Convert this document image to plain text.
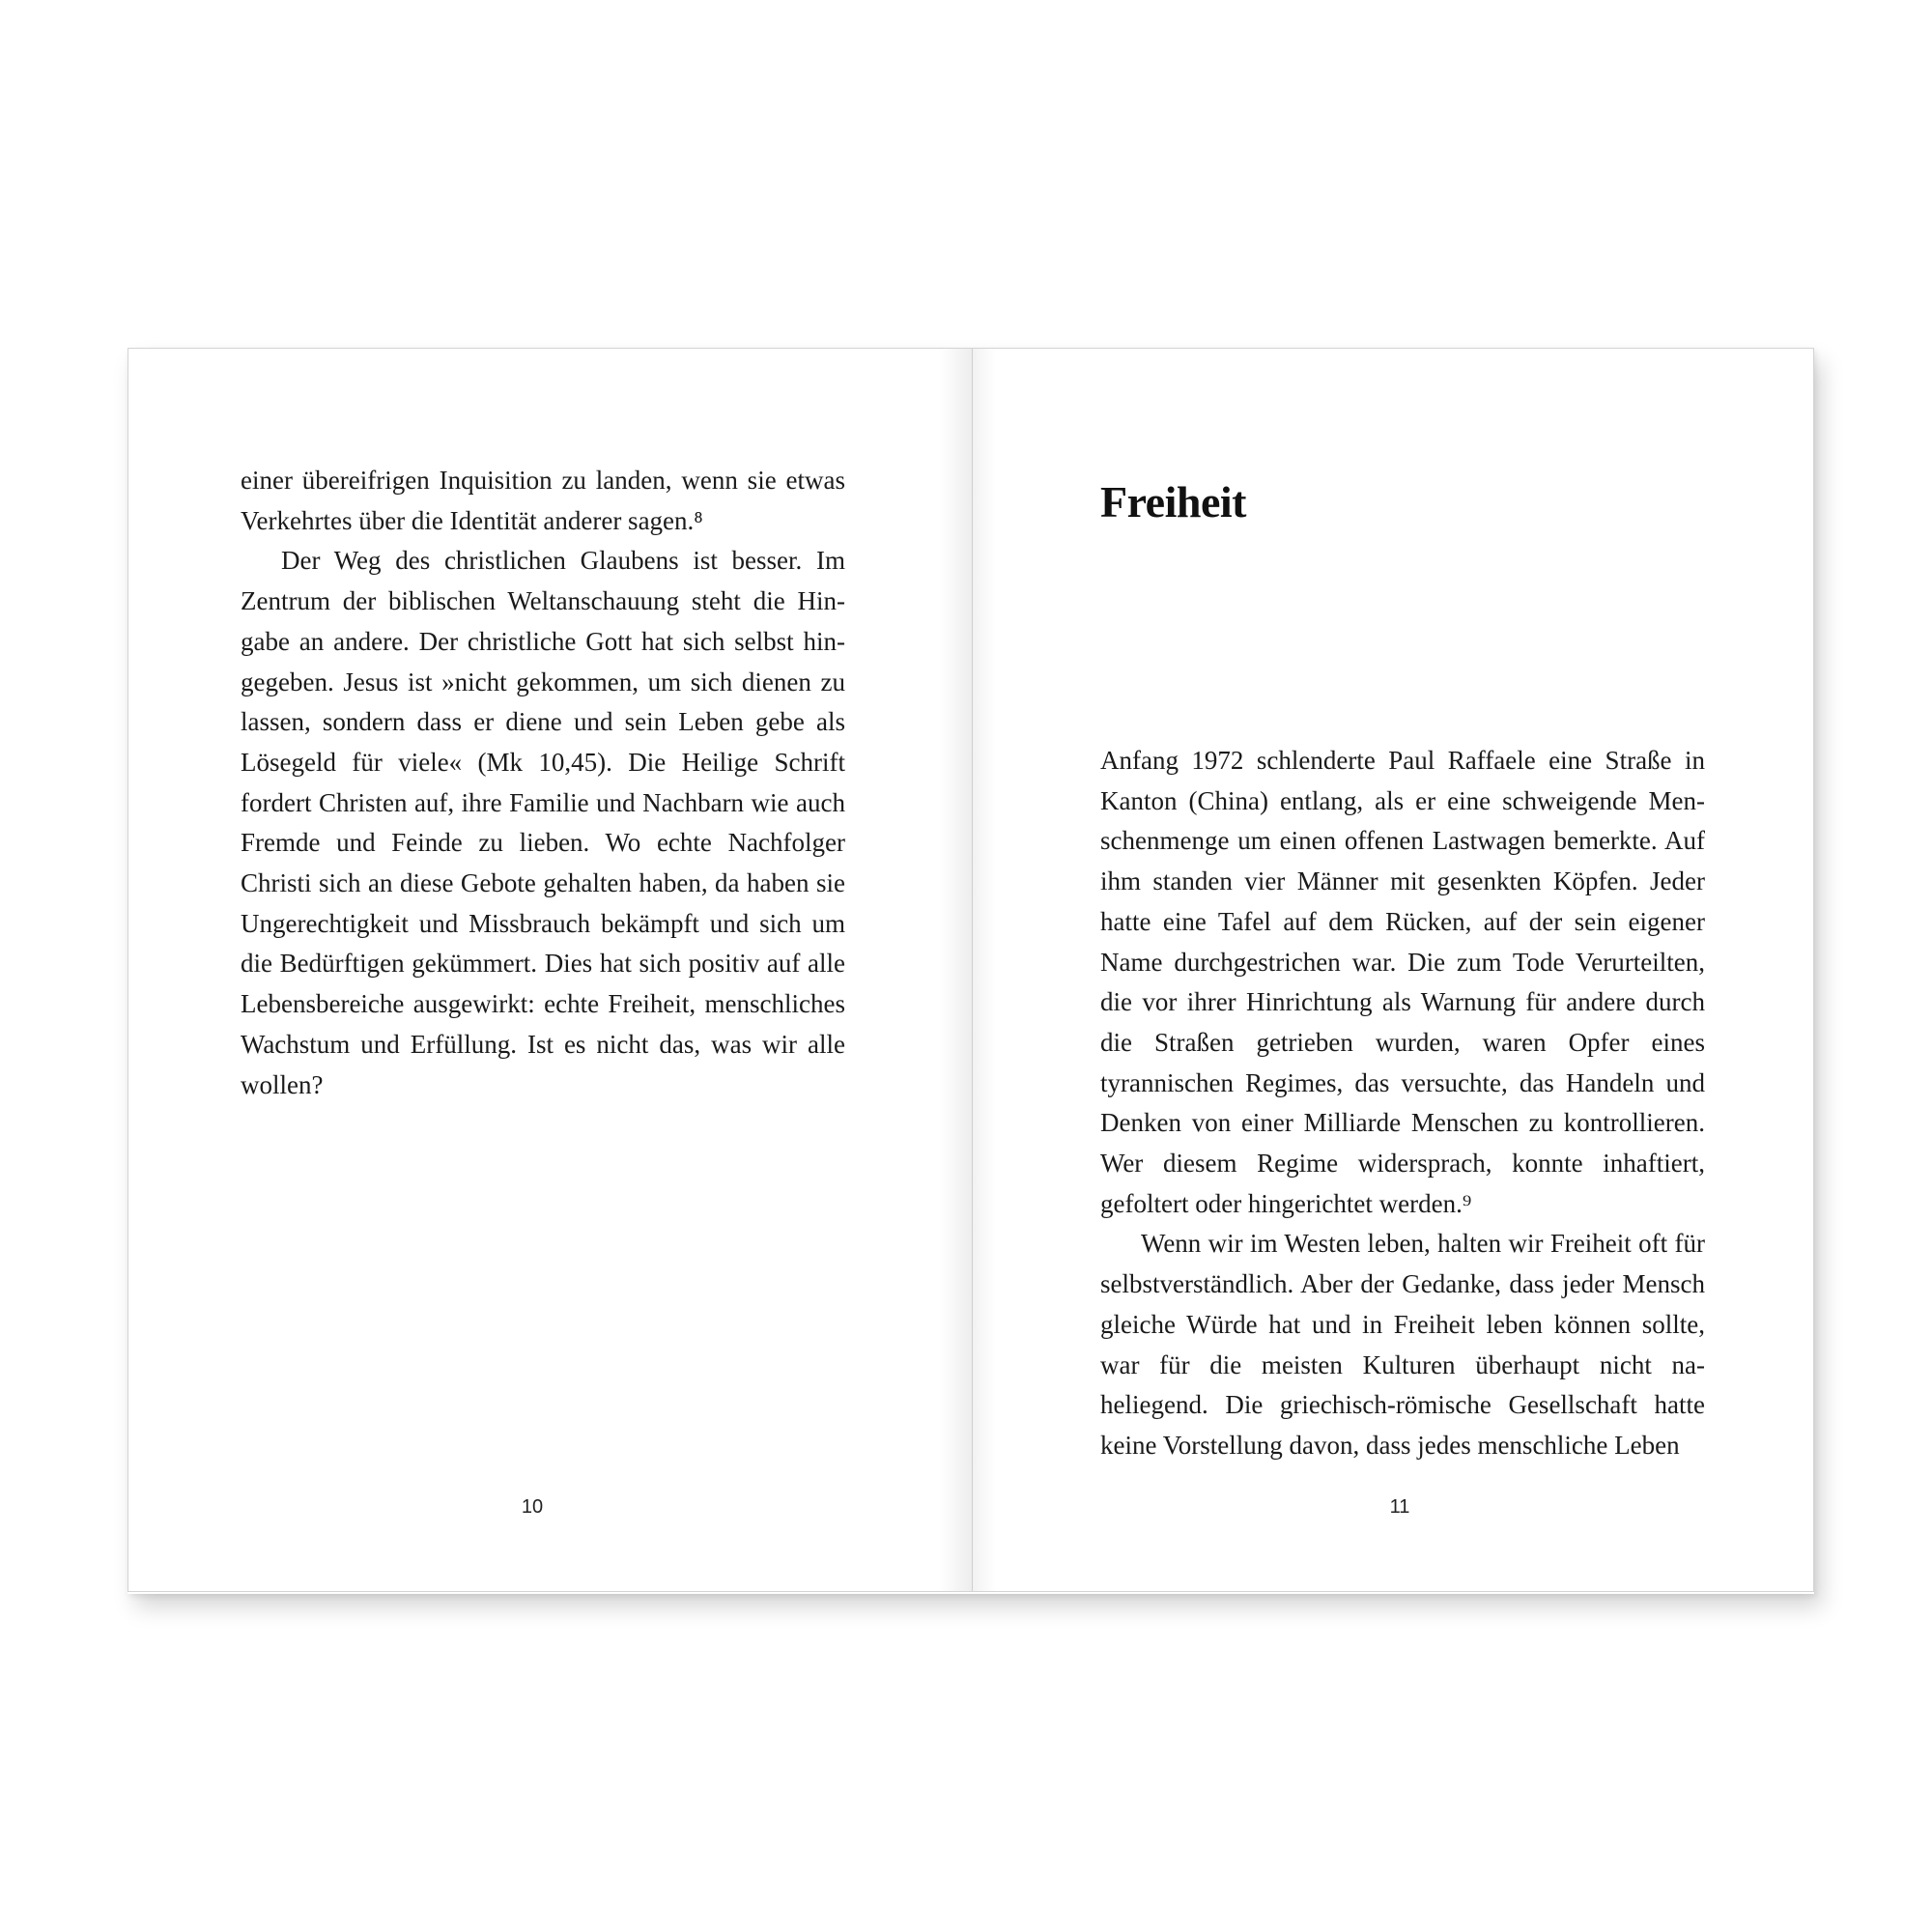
einer übereifrigen Inquisition zu landen, wenn sie etwas Verkehrtes über die Identität anderer sagen.⁸

Der Weg des christlichen Glaubens ist besser. Im Zentrum der biblischen Weltanschauung steht die Hingabe an andere. Der christliche Gott hat sich selbst hingegeben. Jesus ist »nicht gekommen, um sich dienen zu lassen, sondern dass er diene und sein Leben gebe als Lösegeld für viele« (Mk 10,45). Die Heilige Schrift fordert Christen auf, ihre Familie und Nachbarn wie auch Fremde und Feinde zu lieben. Wo echte Nachfolger Christi sich an diese Gebote gehalten haben, da haben sie Ungerechtigkeit und Missbrauch bekämpft und sich um die Bedürftigen gekümmert. Dies hat sich positiv auf alle Lebensbereiche ausgewirkt: echte Freiheit, menschliches Wachstum und Erfüllung. Ist es nicht das, was wir alle wollen?

10
Freiheit

Anfang 1972 schlenderte Paul Raffaele eine Straße in Kanton (China) entlang, als er eine schweigende Menschenmenge um einen offenen Lastwagen bemerkte. Auf ihm standen vier Männer mit gesenkten Köpfen. Jeder hatte eine Tafel auf dem Rücken, auf der sein eigener Name durchgestrichen war. Die zum Tode Verurteilten, die vor ihrer Hinrichtung als Warnung für andere durch die Straßen getrieben wurden, waren Opfer eines tyrannischen Regimes, das versuchte, das Handeln und Denken von einer Milliarde Menschen zu kontrollieren. Wer diesem Regime widersprach, konnte inhaftiert, gefoltert oder hingerichtet werden.⁹

Wenn wir im Westen leben, halten wir Freiheit oft für selbstverständlich. Aber der Gedanke, dass jeder Mensch gleiche Würde hat und in Freiheit leben können sollte, war für die meisten Kulturen überhaupt nicht naheliegend. Die griechisch-römische Gesellschaft hatte keine Vorstellung davon, dass jedes menschliche Leben

11
